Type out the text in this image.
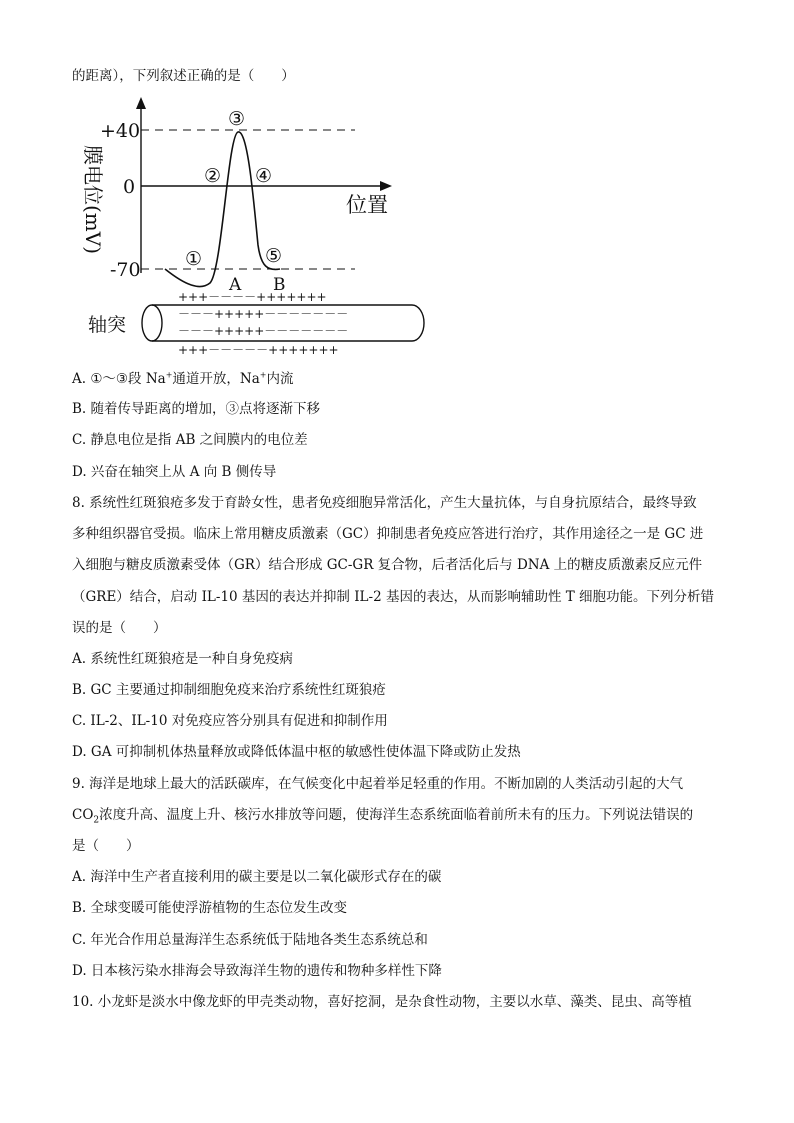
的距离），下列叙述正确的是（　　）
+40
0
-70
膜电位(mV)	位置
①
②
③
④
⑤
A B
轴突
+++－－－－+++++++
－－－+++++－－－－－－－
－－－+++++－－－－－－－
+++－－－－－+++++++
A. ①～③段 Na+通道开放，Na+内流
B. 随着传导距离的增加，③点将逐渐下移
C. 静息电位是指 AB 之间膜内的电位差
D. 兴奋在轴突上从 A 向 B 侧传导
8. 系统性红斑狼疮多发于育龄女性，患者免疫细胞异常活化，产生大量抗体，与自身抗原结合，最终导致
多种组织器官受损。临床上常用糖皮质激素（GC）抑制患者免疫应答进行治疗，其作用途径之一是 GC 进
入细胞与糖皮质激素受体（GR）结合形成 GC-GR 复合物，后者活化后与 DNA 上的糖皮质激素反应元件
（GRE）结合，启动 IL-10 基因的表达并抑制 IL-2 基因的表达，从而影响辅助性 T 细胞功能。下列分析错
误的是（　　）
A. 系统性红斑狼疮是一种自身免疫病
B. GC 主要通过抑制细胞免疫来治疗系统性红斑狼疮
C. IL-2、IL-10 对免疫应答分别具有促进和抑制作用
D. GA 可抑制机体热量释放或降低体温中枢的敏感性使体温下降或防止发热
9. 海洋是地球上最大的活跃碳库，在气候变化中起着举足轻重的作用。不断加剧的人类活动引起的大气
$CO_2$浓度升高、温度上升、核污水排放等问题，使海洋生态系统面临着前所未有的压力。下列说法错误的
是（　　）
A. 海洋中生产者直接利用的碳主要是以二氧化碳形式存在的碳
B. 全球变暖可能使浮游植物的生态位发生改变
C. 年光合作用总量海洋生态系统低于陆地各类生态系统总和
D. 日本核污染水排海会导致海洋生物的遗传和物种多样性下降
10. 小龙虾是淡水中像龙虾的甲壳类动物，喜好挖洞，是杂食性动物，主要以水草、藻类、昆虫、高等植
